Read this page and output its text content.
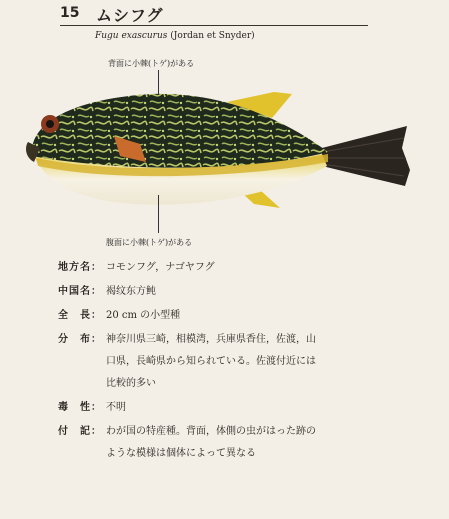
15 ムシフグ
Fugu exascurus (Jordan et Snyder)
背面に小棘(トゲ)がある
腹面に小棘(トゲ)がある
地方名： コモンフグ，ナゴヤフグ
中国名： 褐纹东方鲀
全　長： 20 cm の小型種
分　布： 神奈川県三崎，相模湾，兵庫県香住，佐渡，山
口県，長崎県から知られている。佐渡付近には
比較的多い
毒　性： 不明
付　記： わが国の特産種。背面，体側の虫がはった跡の
ような模様は個体によって異なる
